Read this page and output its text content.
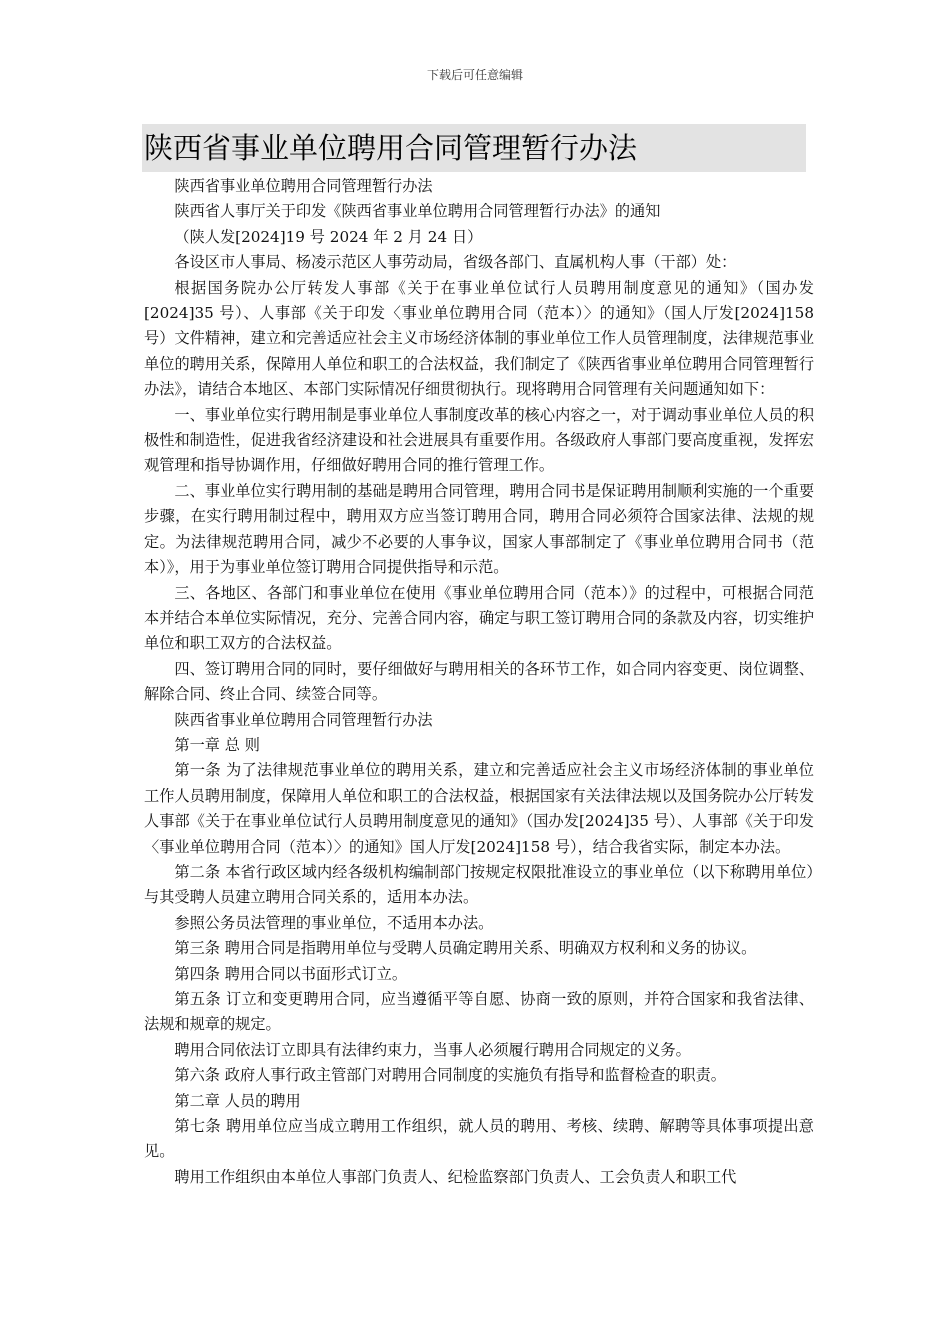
下载后可任意编辑
陕西省事业单位聘用合同管理暂行办法

陕西省事业单位聘用合同管理暂行办法

陕西省人事厅关于印发《陕西省事业单位聘用合同管理暂行办法》的通知

（陕人发[2024]19 号 2024 年 2 月 24 日）

各设区市人事局、杨凌示范区人事劳动局，省级各部门、直属机构人事（干部）处：

根据国务院办公厅转发人事部《关于在事业单位试行人员聘用制度意见的通知》（国办发[2024]35 号）、人事部《关于印发〈事业单位聘用合同（范本）〉的通知》（国人厅发[2024]158 号）文件精神，建立和完善适应社会主义市场经济体制的事业单位工作人员管理制度，法律规范事业单位的聘用关系，保障用人单位和职工的合法权益，我们制定了《陕西省事业单位聘用合同管理暂行办法》，请结合本地区、本部门实际情况仔细贯彻执行。现将聘用合同管理有关问题通知如下：

一、事业单位实行聘用制是事业单位人事制度改革的核心内容之一，对于调动事业单位人员的积极性和制造性，促进我省经济建设和社会进展具有重要作用。各级政府人事部门要高度重视，发挥宏观管理和指导协调作用，仔细做好聘用合同的推行管理工作。

二、事业单位实行聘用制的基础是聘用合同管理，聘用合同书是保证聘用制顺利实施的一个重要步骤，在实行聘用制过程中，聘用双方应当签订聘用合同，聘用合同必须符合国家法律、法规的规定。为法律规范聘用合同，减少不必要的人事争议，国家人事部制定了《事业单位聘用合同书（范本）》，用于为事业单位签订聘用合同提供指导和示范。

三、各地区、各部门和事业单位在使用《事业单位聘用合同（范本）》的过程中，可根据合同范本并结合本单位实际情况，充分、完善合同内容，确定与职工签订聘用合同的条款及内容，切实维护单位和职工双方的合法权益。

四、签订聘用合同的同时，要仔细做好与聘用相关的各环节工作，如合同内容变更、岗位调整、解除合同、终止合同、续签合同等。

陕西省事业单位聘用合同管理暂行办法

第一章 总 则

第一条 为了法律规范事业单位的聘用关系，建立和完善适应社会主义市场经济体制的事业单位工作人员聘用制度，保障用人单位和职工的合法权益，根据国家有关法律法规以及国务院办公厅转发人事部《关于在事业单位试行人员聘用制度意见的通知》（国办发[2024]35 号）、人事部《关于印发〈事业单位聘用合同（范本）〉的通知》国人厅发[2024]158 号），结合我省实际，制定本办法。

第二条 本省行政区域内经各级机构编制部门按规定权限批准设立的事业单位（以下称聘用单位）与其受聘人员建立聘用合同关系的，适用本办法。

参照公务员法管理的事业单位，不适用本办法。

第三条 聘用合同是指聘用单位与受聘人员确定聘用关系、明确双方权利和义务的协议。

第四条 聘用合同以书面形式订立。

第五条 订立和变更聘用合同，应当遵循平等自愿、协商一致的原则，并符合国家和我省法律、法规和规章的规定。

聘用合同依法订立即具有法律约束力，当事人必须履行聘用合同规定的义务。

第六条 政府人事行政主管部门对聘用合同制度的实施负有指导和监督检查的职责。

第二章 人员的聘用

第七条 聘用单位应当成立聘用工作组织，就人员的聘用、考核、续聘、解聘等具体事项提出意见。

聘用工作组织由本单位人事部门负责人、纪检监察部门负责人、工会负责人和职工代
